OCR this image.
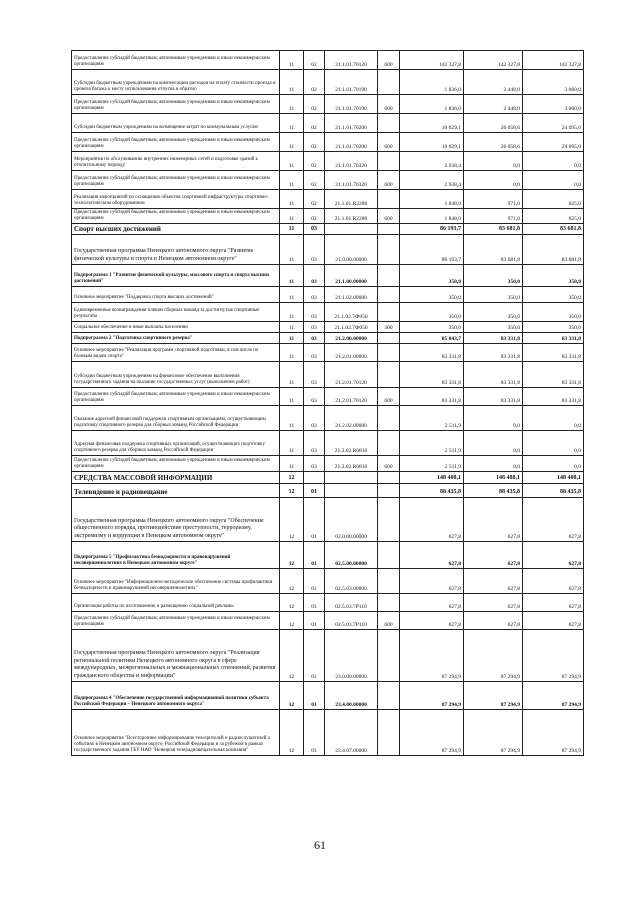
Предоставление субсидий бюджетным, автономным учреждениям и иным некоммерческим организациям	11	02	21.1.01.70120	600	142 327,8	142 327,8	142 327,8
Субсидии бюджетным учреждениям на компенсацию расходов на оплату стоимости проезда и провоза багажа к месту использования отпуска и обратно	11	02	21.1.01.70190		1 836,0	2 448,0	3 060,0
Предоставление субсидий бюджетным, автономным учреждениям и иным некоммерческим организациям	11	02	21.1.01.70190	600	1 836,0	2 448,0	3 060,0
Субсидии бюджетным учреждениям на возмещение затрат по коммунальным услугам	11	02	21.1.01.70200		10 629,1	26 058,6	24 095,0
Предоставление субсидий бюджетным, автономным учреждениям и иным некоммерческим организациям	11	02	21.1.01.70200	600	10 629,1	26 058,6	24 095,0
Мероприятия по обслуживанию внутренних инженерных сетей и подготовке зданий к отопительному периоду	11	02	21.1.01.70320		2 938,4	0,0	0,0
Предоставление субсидий бюджетным, автономным учреждениям и иным некоммерческим организациям	11	02	21.1.01.70320	600	2 938,4	0,0	0,0
Реализация мероприятий по оснащению объектов спортивной инфраструктуры спортивно-технологическим оборудованием	11	02	21.1.01.R2280		1 848,0	971,0	625,0
Предоставление субсидий бюджетным, автономным учреждениям и иным некоммерческим организациям	11	02	21.1.01.R2280	600	1 848,0	971,0	625,0
Спорт высших достижений	11	03			86 193,7	83 681,8	83 681,8
Государственная программа Ненецкого автономного округа "Развитие физической культуры и спорта в Ненецком автономном округе"	11	03	21.0.00.00000		86 193,7	83 681,8	83 681,8
Подпрограмма 1 "Развитие физической культуры, массового спорта и спорта высших достижений"	11	03	21.1.00.00000		350,0	350,0	350,0
Основное мероприятие "Поддержка спорта высших достижений"	11	03	21.1.02.00000		350,0	350,0	350,0
Единовременные вознаграждения членам сборных команд за достигнутые спортивные результаты	11	03	21.1.02.7Ф050		350,0	350,0	350,0
Социальное обеспечение и иные выплаты населению	11	03	21.1.02.7Ф050	300	350,0	350,0	350,0
Подпрограмма 2 "Подготовка спортивного резерва"	11	03	21.2.00.00000		85 843,7	83 331,8	83 331,8
Основное мероприятие "Реализация программ спортивной подготовки, в том числе по базовым видам спорта"	11	03	21.2.01.00000		83 331,8	83 331,8	83 331,8
Субсидии бюджетным учреждениям на финансовое обеспечение выполнения государственного задания на оказание государственных услуг (выполнение работ)	11	03	21.2.01.70120		83 331,8	83 331,8	83 331,8
Предоставление субсидий бюджетным, автономным учреждениям и иным некоммерческим организациям	11	03	21.2.01.70120	600	83 331,8	83 331,8	83 331,8
Оказание адресной финансовой поддержки спортивным организациям, осуществляющим подготовку спортивного резерва для сборных команд Российской Федерации	11	03	21.2.02.00000		2 511,9	0,0	0,0
Адресная финансовая поддержка спортивных организаций, осуществляющих подготовку спортивного резерва для сборных команд Российской Федерации	11	03	21.2.02.R0810		2 511,9	0,0	0,0
Предоставление субсидий бюджетным, автономным учреждениям и иным некоммерческим организациям	11	03	21.2.02.R0810	600	2 511,9	0,0	0,0
СРЕДСТВА МАССОВОЙ ИНФОРМАЦИИ	12				148 488,1	148 488,1	148 488,1
Телевидение и радиовещание	12	01			88 435,8	88 435,8	88 435,8
Государственная программа Ненецкого автономного округа "Обеспечение общественного порядка, противодействие преступности, терроризму, экстремизму и коррупции в Ненецком автономном округе"	12	01	02.0.00.00000		627,8	627,8	627,8
Подпрограмма 5 "Профилактика безнадзорности и правонарушений несовершеннолетних в Ненецком автономном округе"	12	01	02.5.00.00000		627,8	627,8	627,8
Основное мероприятие "Информационно-методическое обеспечение системы профилактики безнадзорности и правонарушений несовершеннолетних"	12	01	02.5.03.00000		627,8	627,8	627,8
Организация работы по изготовлению и размещению социальной рекламы	12	01	02.5.03.7Р110		627,8	627,8	627,8
Предоставление субсидий бюджетным, автономным учреждениям и иным некоммерческим организациям	12	01	02.5.03.7Р110	600	627,8	627,8	627,8
Государственная программа Ненецкого автономного округа "Реализация региональной политики Ненецкого автономного округа в сфере международных, межрегиональных и межнациональных отношений, развития гражданского общества и информации"	12	01	23.0.00.00000		87 294,9	87 294,9	87 294,9
Подпрограмма 4 "Обеспечение государственной информационной политики субъекта Российской Федерации – Ненецкого автономного округа"	12	01	23.4.00.00000		87 294,9	87 294,9	87 294,9
Основное мероприятие "Всестороннее информирование телезрителей и радиослушателей о событиях в Ненецком автономном округе, Российской Федерации и за рубежом в рамках государственного задания ГБУ НАО "Ненецкая телерадиовещательная компания"	12	01	23.4.07.00000		87 294,9	87 294,9	87 294,9
61
